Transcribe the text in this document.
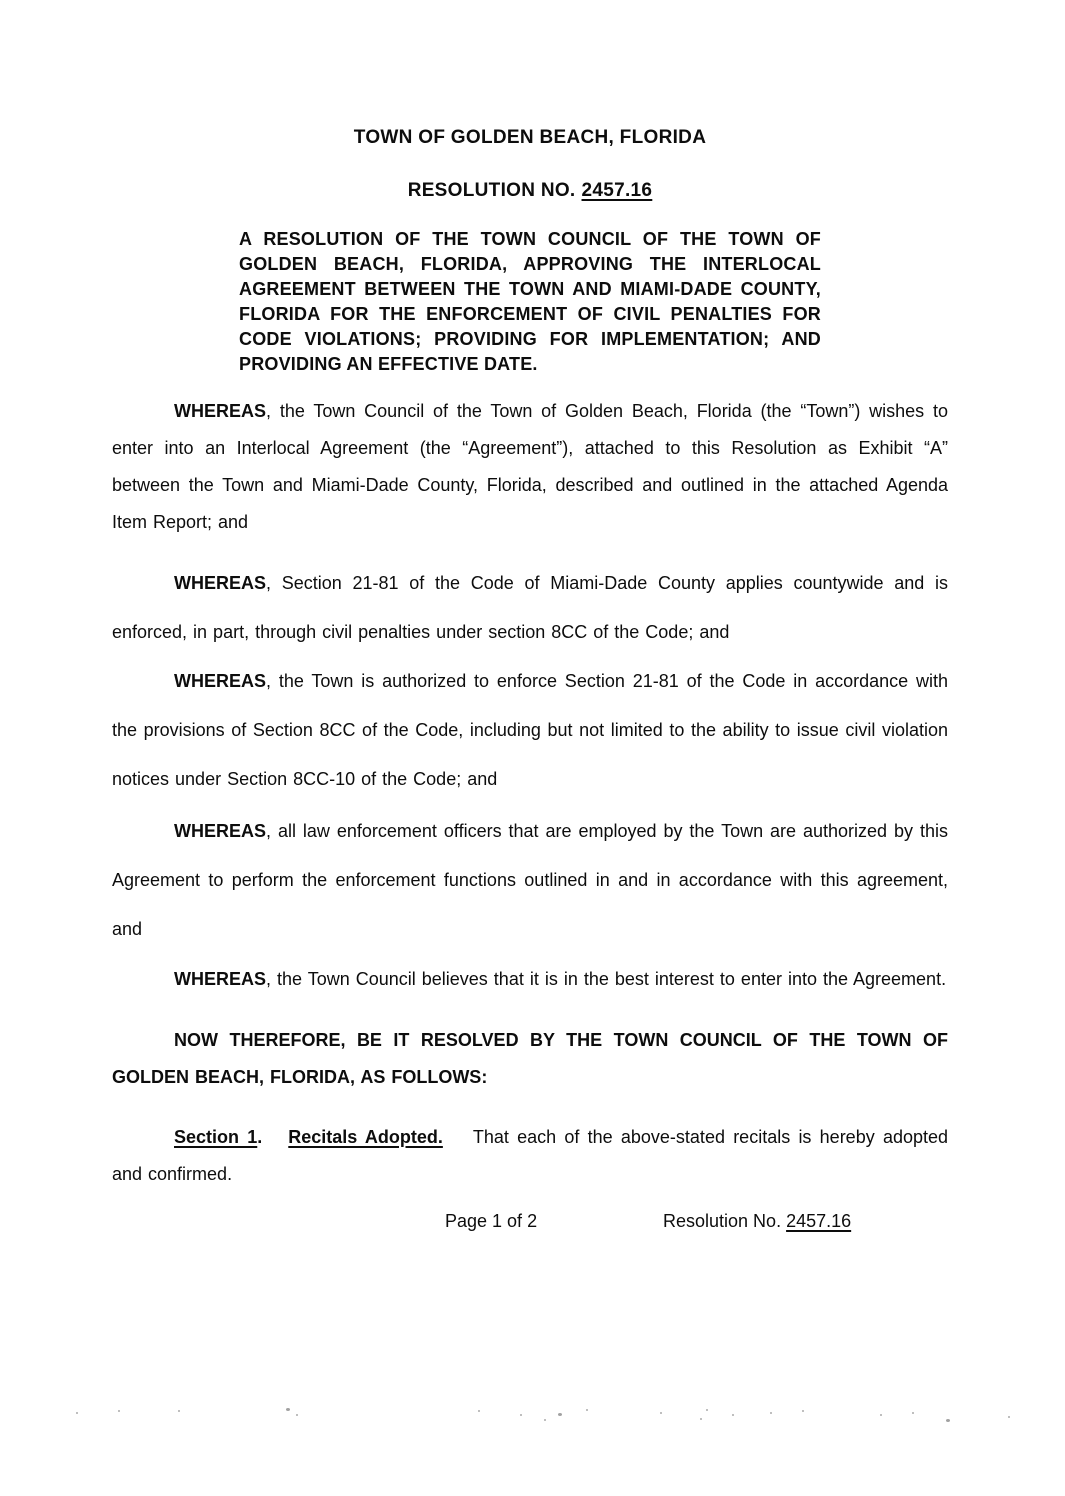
TOWN OF GOLDEN BEACH, FLORIDA
RESOLUTION NO. 2457.16

A RESOLUTION OF THE TOWN COUNCIL OF THE TOWN OF GOLDEN BEACH, FLORIDA, APPROVING THE INTERLOCAL AGREEMENT BETWEEN THE TOWN AND MIAMI-DADE COUNTY, FLORIDA FOR THE ENFORCEMENT OF CIVIL PENALTIES FOR CODE VIOLATIONS; PROVIDING FOR IMPLEMENTATION; AND PROVIDING AN EFFECTIVE DATE.

WHEREAS, the Town Council of the Town of Golden Beach, Florida (the “Town”) wishes to enter into an Interlocal Agreement (the “Agreement”), attached to this Resolution as Exhibit “A” between the Town and Miami-Dade County, Florida, described and outlined in the attached Agenda Item Report; and

WHEREAS, Section 21-81 of the Code of Miami-Dade County applies countywide and is enforced, in part, through civil penalties under section 8CC of the Code; and

WHEREAS, the Town is authorized to enforce Section 21-81 of the Code in accordance with the provisions of Section 8CC of the Code, including but not limited to the ability to issue civil violation notices under Section 8CC-10 of the Code; and

WHEREAS, all law enforcement officers that are employed by the Town are authorized by this Agreement to perform the enforcement functions outlined in and in accordance with this agreement, and

WHEREAS, the Town Council believes that it is in the best interest to enter into the Agreement.

NOW THEREFORE, BE IT RESOLVED BY THE TOWN COUNCIL OF THE TOWN OF GOLDEN BEACH, FLORIDA, AS FOLLOWS:

Section 1. Recitals Adopted. That each of the above-stated recitals is hereby adopted and confirmed.

Page 1 of 2	Resolution No. 2457.16
